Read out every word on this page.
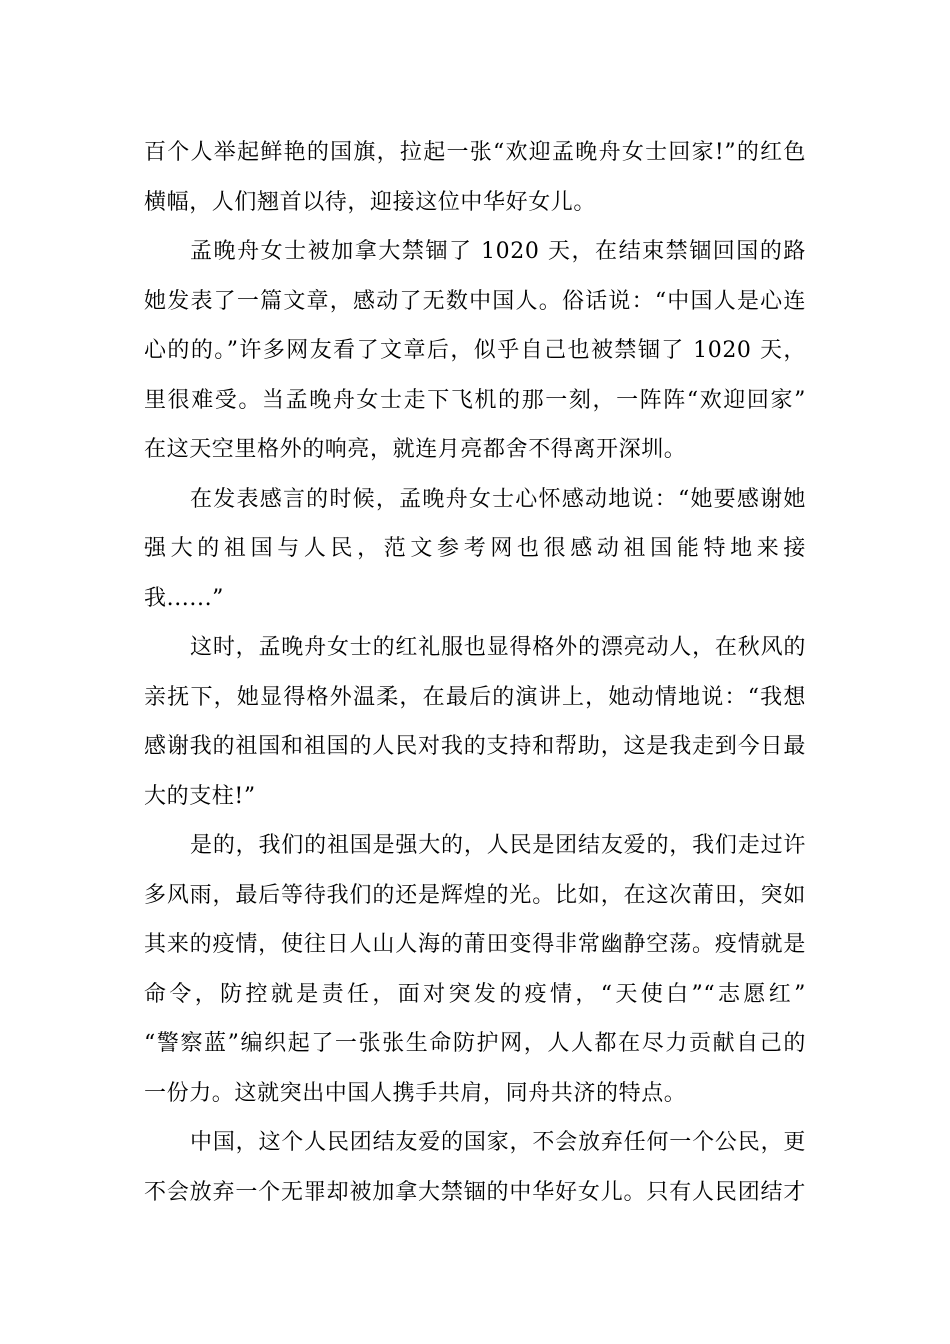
百个人举起鲜艳的国旗，拉起一张“欢迎孟晚舟女士回家!”的红色
横幅，人们翘首以待，迎接这位中华好女儿。

孟晚舟女士被加拿大禁锢了 1020 天，在结束禁锢回国的路
她发表了一篇文章，感动了无数中国人。俗话说：“中国人是心连
心的的。”许多网友看了文章后，似乎自己也被禁锢了 1020 天，
里很难受。当孟晚舟女士走下飞机的那一刻，一阵阵“欢迎回家”
在这天空里格外的响亮，就连月亮都舍不得离开深圳。

在发表感言的时候，孟晚舟女士心怀感动地说：“她要感谢她
强大的祖国与人民，范文参考网也很感动祖国能特地来接
我......”

这时，孟晚舟女士的红礼服也显得格外的漂亮动人，在秋风的
亲抚下，她显得格外温柔，在最后的演讲上，她动情地说：“我想
感谢我的祖国和祖国的人民对我的支持和帮助，这是我走到今日最
大的支柱!”

是的，我们的祖国是强大的，人民是团结友爱的，我们走过许
多风雨，最后等待我们的还是辉煌的光。比如，在这次莆田，突如
其来的疫情，使往日人山人海的莆田变得非常幽静空荡。疫情就是
命令，防控就是责任，面对突发的疫情，“天使白”“志愿红”
“警察蓝”编织起了一张张生命防护网，人人都在尽力贡献自己的
一份力。这就突出中国人携手共肩，同舟共济的特点。

中国，这个人民团结友爱的国家，不会放弃任何一个公民，更
不会放弃一个无罪却被加拿大禁锢的中华好女儿。只有人民团结才
